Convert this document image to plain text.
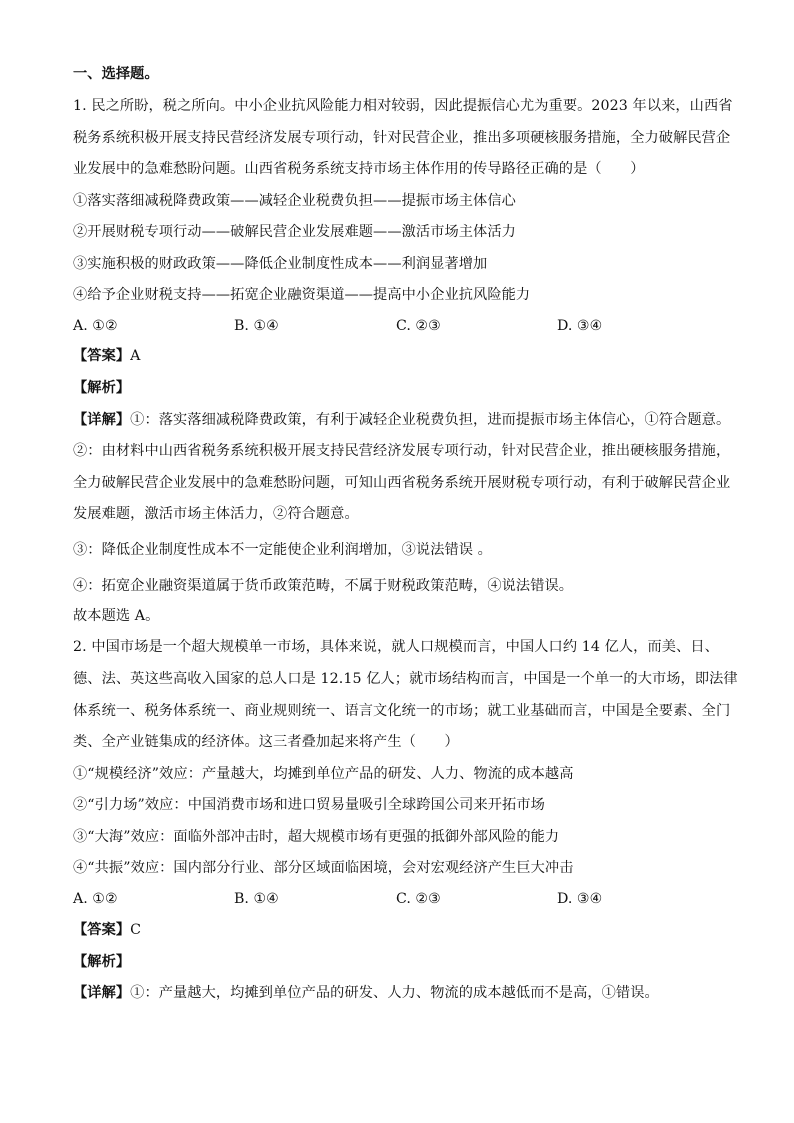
一、选择题。
1. 民之所盼，税之所向。中小企业抗风险能力相对较弱，因此提振信心尤为重要。2023 年以来，山西省
税务系统积极开展支持民营经济发展专项行动，针对民营企业，推出多项硬核服务措施，全力破解民营企
业发展中的急难愁盼问题。山西省税务系统支持市场主体作用的传导路径正确的是（　　）
①落实落细减税降费政策——减轻企业税费负担——提振市场主体信心
②开展财税专项行动——破解民营企业发展难题——激活市场主体活力
③实施积极的财政政策——降低企业制度性成本——利润显著增加
④给予企业财税支持——拓宽企业融资渠道——提高中小企业抗风险能力
A. ①②	B. ①④	C. ②③	D. ③④
【答案】A
【解析】
【详解】①：落实落细减税降费政策，有利于减轻企业税费负担，进而提振市场主体信心，①符合题意。
②：由材料中山西省税务系统积极开展支持民营经济发展专项行动，针对民营企业，推出硬核服务措施，
全力破解民营企业发展中的急难愁盼问题，可知山西省税务系统开展财税专项行动，有利于破解民营企业
发展难题，激活市场主体活力，②符合题意。
③：降低企业制度性成本不一定能使企业利润增加，③说法错误 。
④：拓宽企业融资渠道属于货币政策范畴，不属于财税政策范畴，④说法错误。
故本题选 A。
2. 中国市场是一个超大规模单一市场，具体来说，就人口规模而言，中国人口约 14 亿人，而美、日、
德、法、英这些高收入国家的总人口是 12.15 亿人；就市场结构而言，中国是一个单一的大市场，即法律
体系统一、税务体系统一、商业规则统一、语言文化统一的市场；就工业基础而言，中国是全要素、全门
类、全产业链集成的经济体。这三者叠加起来将产生（　　）
①“规模经济”效应：产量越大，均摊到单位产品的研发、人力、物流的成本越高
②“引力场”效应：中国消费市场和进口贸易量吸引全球跨国公司来开拓市场
③“大海”效应：面临外部冲击时，超大规模市场有更强的抵御外部风险的能力
④“共振”效应：国内部分行业、部分区域面临困境，会对宏观经济产生巨大冲击
A. ①②	B. ①④	C. ②③	D. ③④
【答案】C
【解析】
【详解】①：产量越大，均摊到单位产品的研发、人力、物流的成本越低而不是高，①错误。
